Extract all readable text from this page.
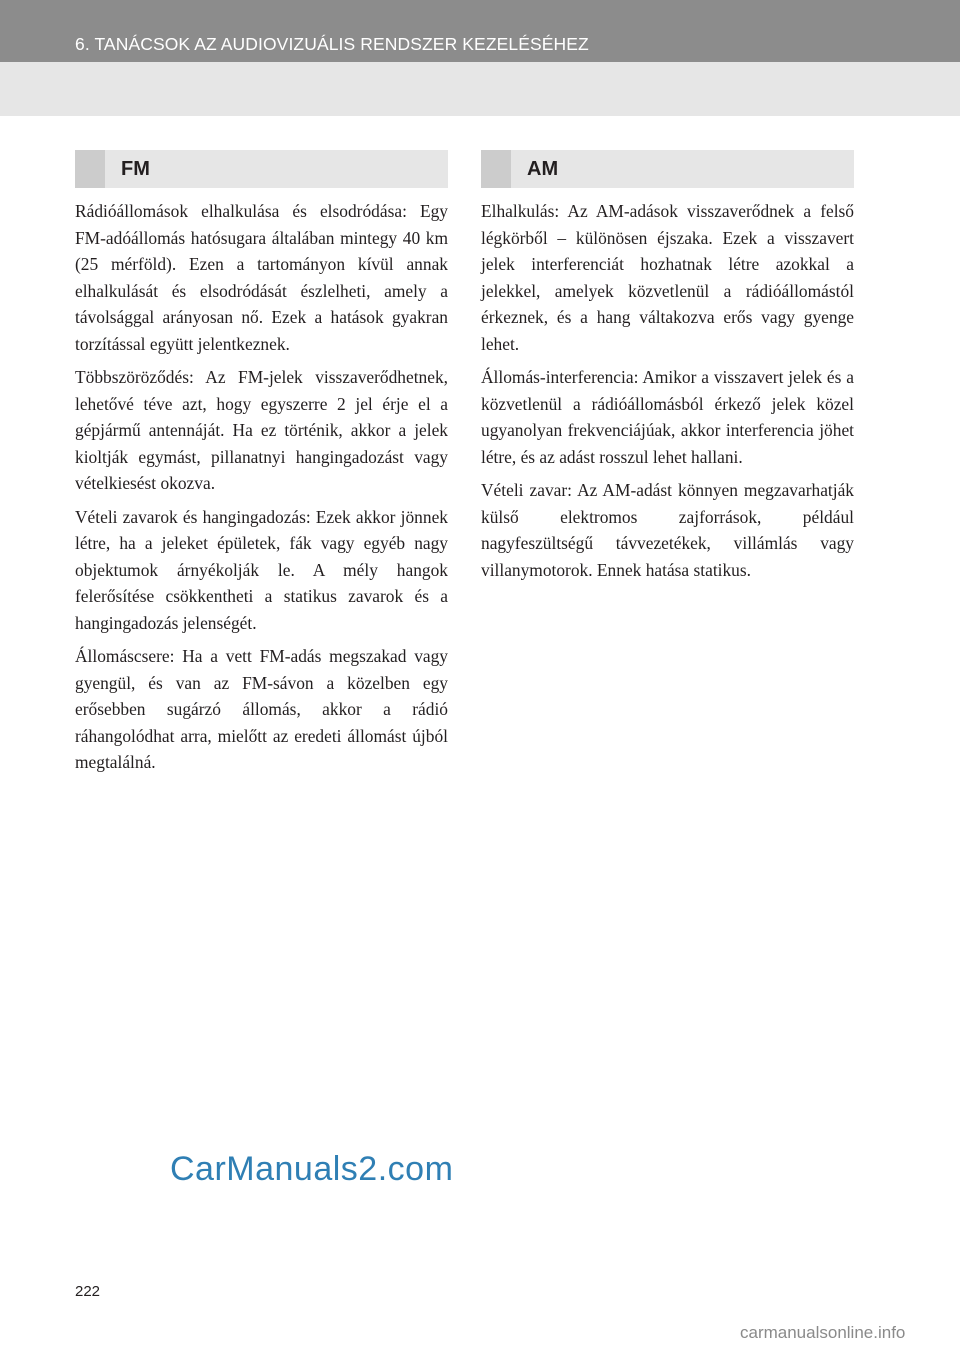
6. TANÁCSOK AZ AUDIOVIZUÁLIS RENDSZER KEZELÉSÉHEZ
FM	AM

Rádióállomások elhalkulása és elsodródása: Egy FM-adóállomás hatósugara általában mintegy 40 km (25 mérföld). Ezen a tartományon kívül annak elhalkulását és elsodródását észlelheti, amely a távolsággal arányosan nő. Ezek a hatások gyakran torzítással együtt jelentkeznek.

Többszöröződés: Az FM-jelek visszaverődhetnek, lehetővé téve azt, hogy egyszerre 2 jel érje el a gépjármű antennáját. Ha ez történik, akkor a jelek kioltják egymást, pillanatnyi hangingadozást vagy vételkiesést okozva.

Vételi zavarok és hangingadozás: Ezek akkor jönnek létre, ha a jeleket épületek, fák vagy egyéb nagy objektumok árnyékolják le. A mély hangok felerősítése csökkentheti a statikus zavarok és a hangingadozás jelenségét.

Állomáscsere: Ha a vett FM-adás megszakad vagy gyengül, és van az FM-sávon a közelben egy erősebben sugárzó állomás, akkor a rádió ráhangolódhat arra, mielőtt az eredeti állomást újból megtalálná.

Elhalkulás: Az AM-adások visszaverődnek a felső légkörből – különösen éjszaka. Ezek a visszavert jelek interferenciát hozhatnak létre azokkal a jelekkel, amelyek közvetlenül a rádióállomástól érkeznek, és a hang váltakozva erős vagy gyenge lehet.

Állomás-interferencia: Amikor a visszavert jelek és a közvetlenül a rádióállomásból érkező jelek közel ugyanolyan frekvenciájúak, akkor interferencia jöhet létre, és az adást rosszul lehet hallani.

Vételi zavar: Az AM-adást könnyen megzavarhatják külső elektromos zajforrások, például nagyfeszültségű távvezetékek, villámlás vagy villanymotorok. Ennek hatása statikus.

CarManuals2.com
222
carmanualsonline.info
